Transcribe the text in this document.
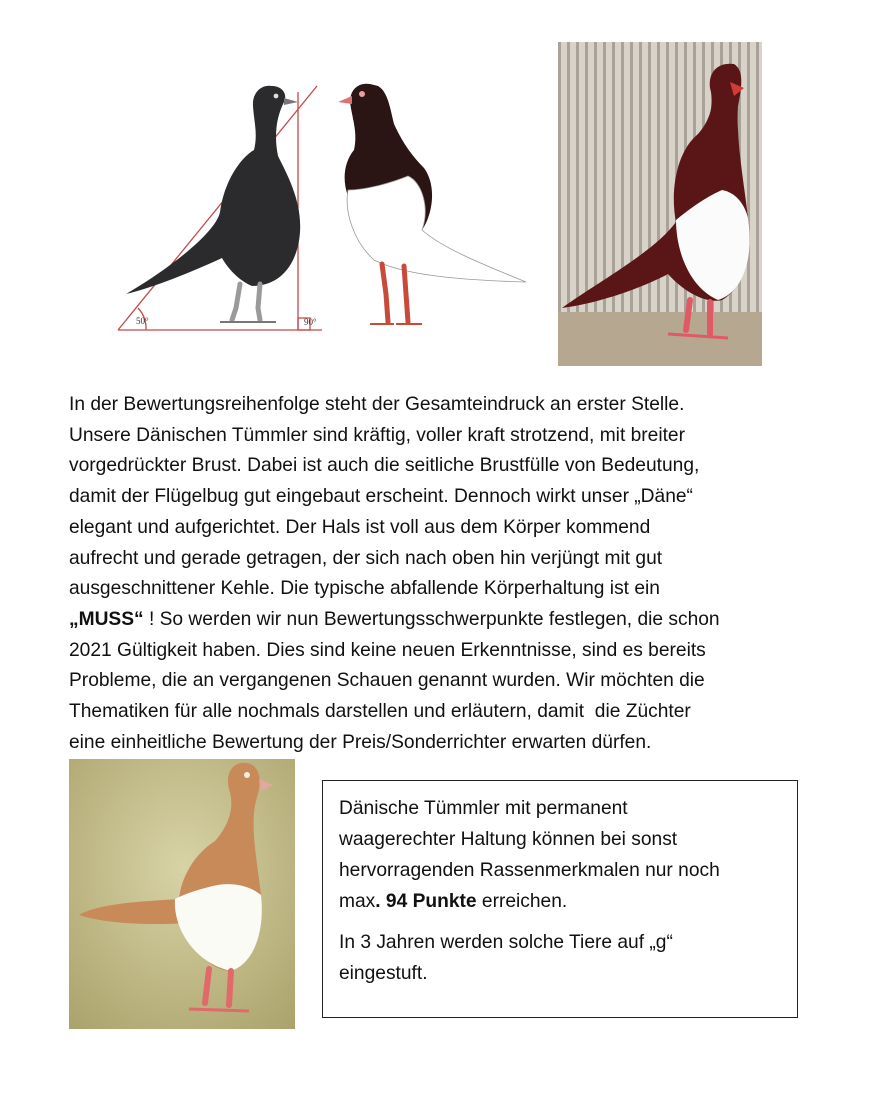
50°	90°
In der Bewertungsreihenfolge steht der Gesamteindruck an erster Stelle.
Unsere Dänischen Tümmler sind kräftig, voller kraft strotzend, mit breiter
vorgedrückter Brust. Dabei ist auch die seitliche Brustfülle von Bedeutung,
damit der Flügelbug gut eingebaut erscheint. Dennoch wirkt unser „Däne“
elegant und aufgerichtet. Der Hals ist voll aus dem Körper kommend
aufrecht und gerade getragen, der sich nach oben hin verjüngt mit gut
ausgeschnittener Kehle. Die typische abfallende Körperhaltung ist ein
„MUSS“ ! So werden wir nun Bewertungsschwerpunkte festlegen, die schon
2021 Gültigkeit haben. Dies sind keine neuen Erkenntnisse, sind es bereits
Probleme, die an vergangenen Schauen genannt wurden. Wir möchten die
Thematiken für alle nochmals darstellen und erläutern, damit  die Züchter
eine einheitliche Bewertung der Preis/Sonderrichter erwarten dürfen.

Dänische Tümmler mit permanent
waagerechter Haltung können bei sonst
hervorragenden Rassenmerkmalen nur noch
max. 94 Punkte erreichen.

In 3 Jahren werden solche Tiere auf „g“
eingestuft.
